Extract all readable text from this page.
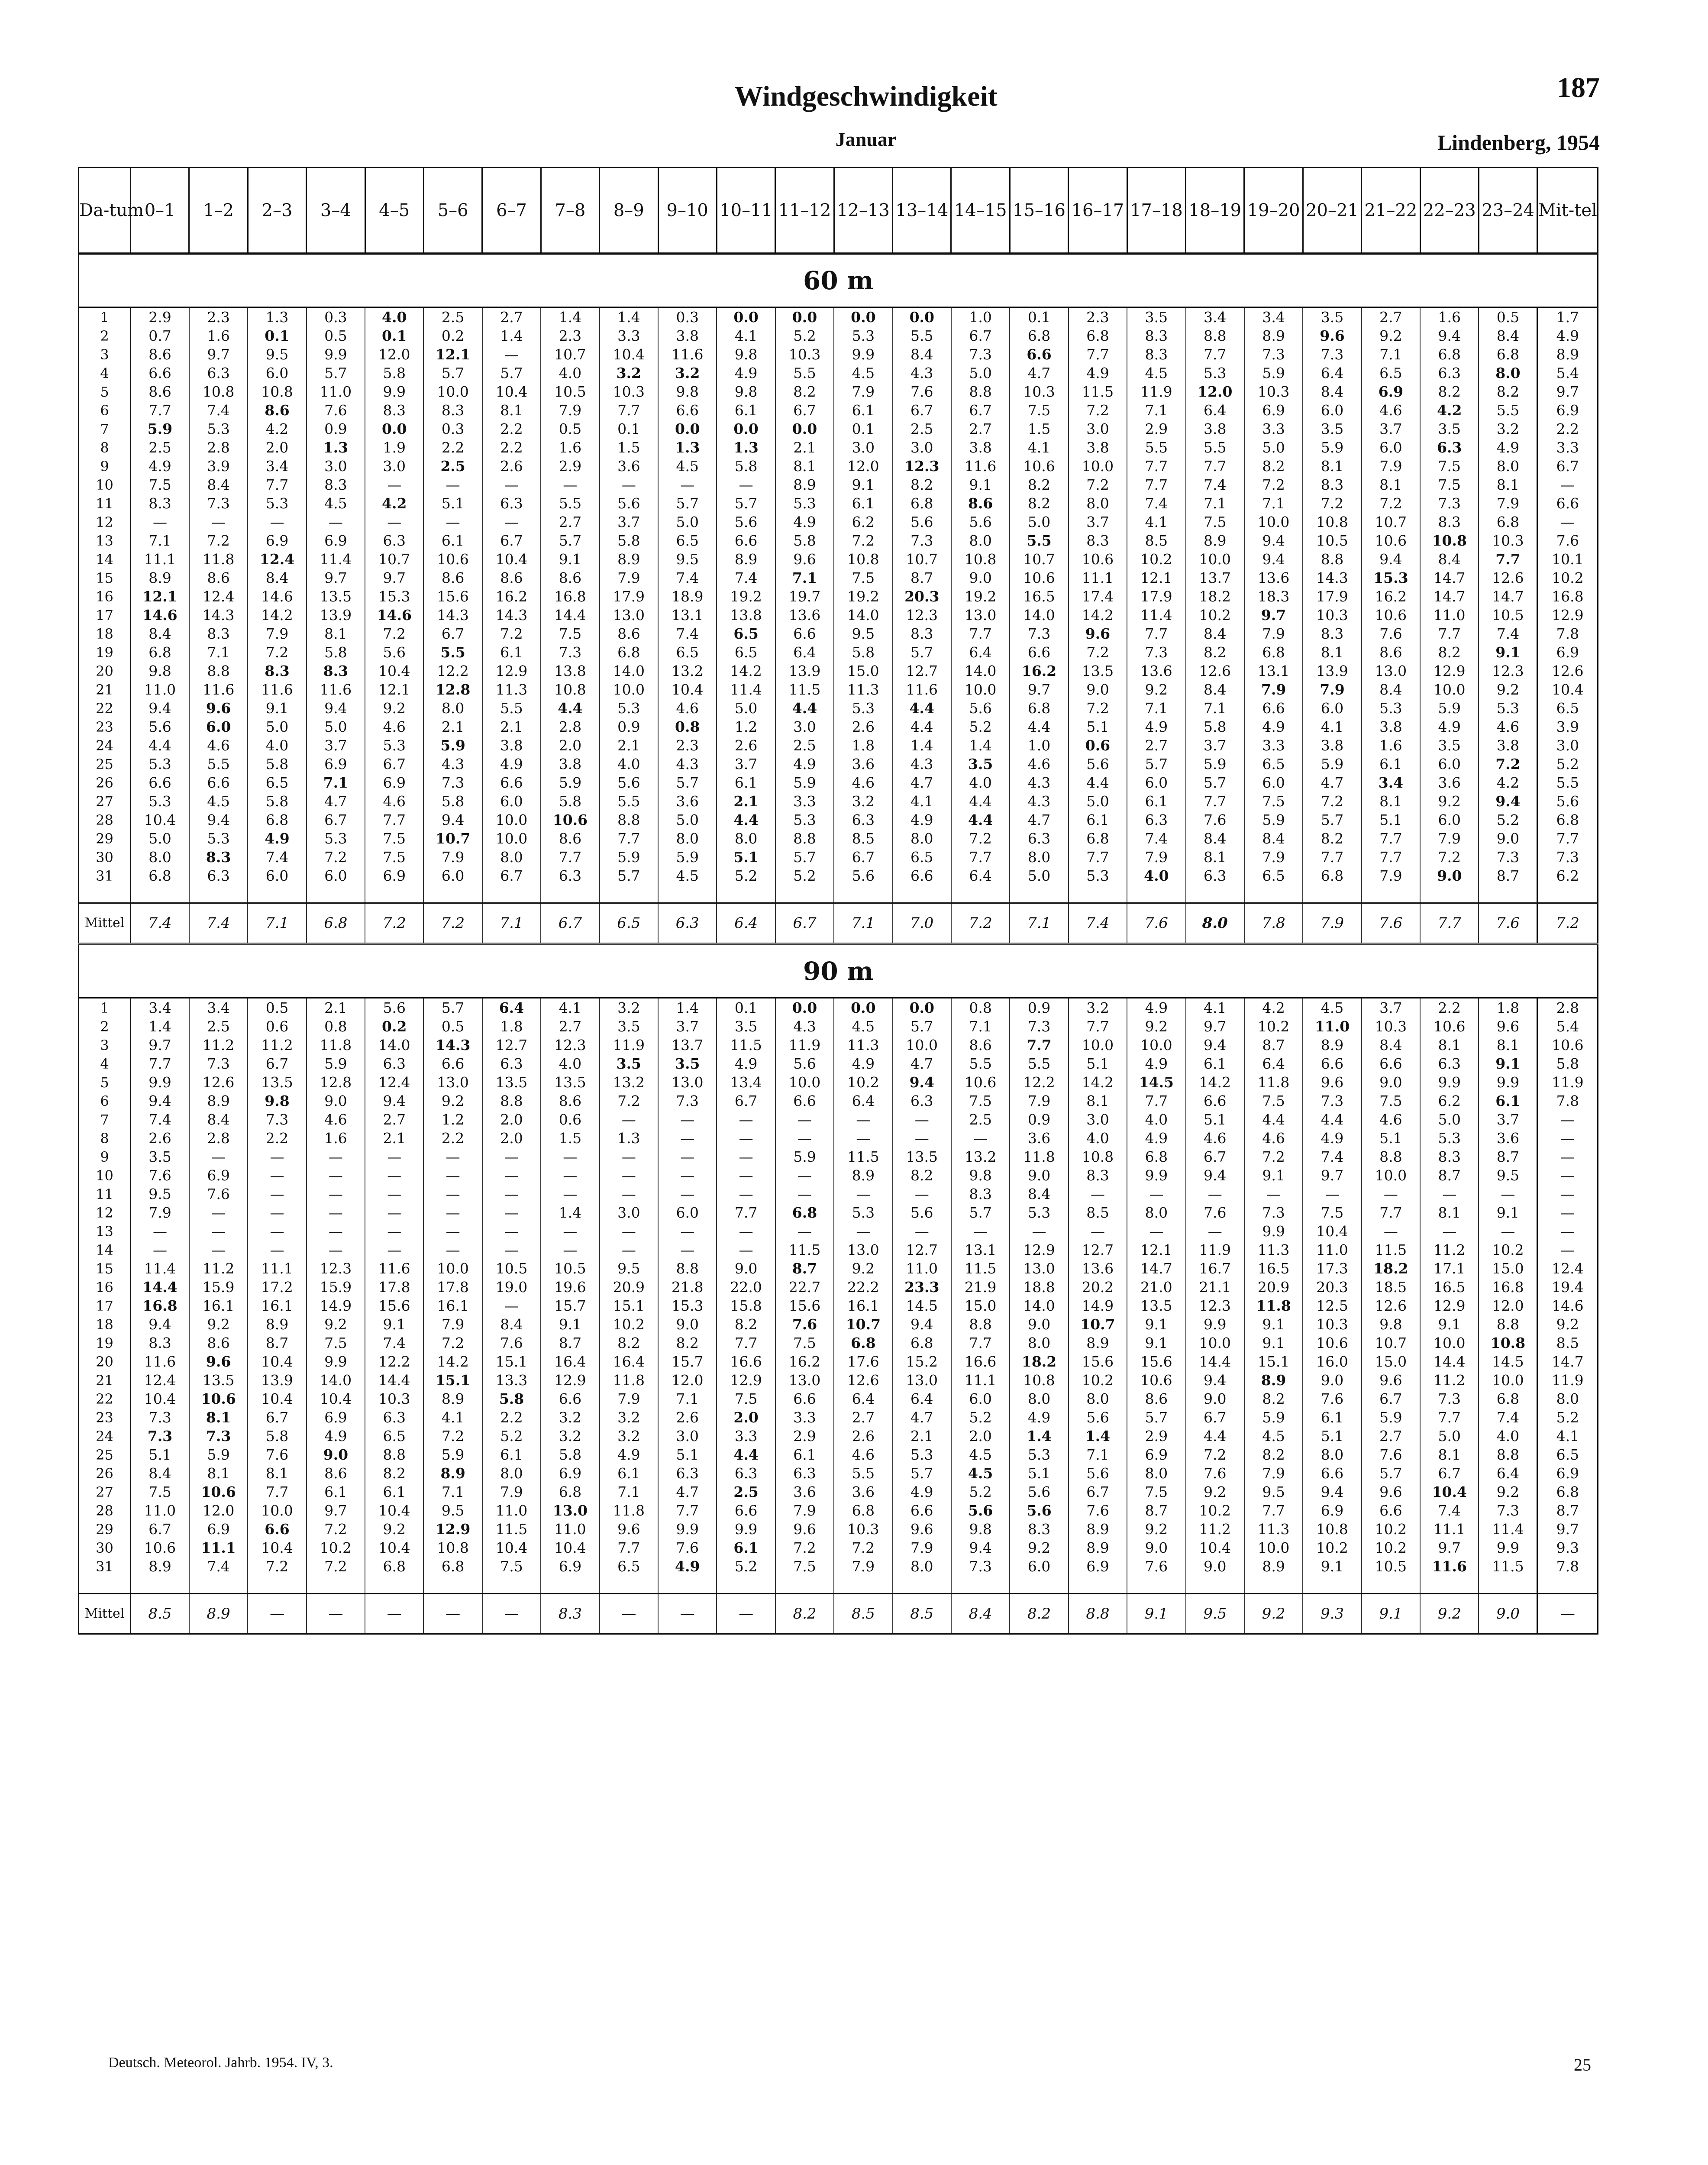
Windgeschwindigkeit
Januar
187
Lindenberg, 1954
Da-tum	0–1	1–2	2–3	3–4	4–5	5–6	6–7	7–8	8–9	9–10	10–11	11–12	12–13	13–14	14–15	15–16	16–17	17–18	18–19	19–20	20–21	21–22	22–23	23–24	Mit-tel
60 m																									
1	2.9	2.3	1.3	0.3	4.0	2.5	2.7	1.4	1.4	0.3	0.0	0.0	0.0	0.0	1.0	0.1	2.3	3.5	3.4	3.4	3.5	2.7	1.6	0.5	1.7
2	0.7	1.6	0.1	0.5	0.1	0.2	1.4	2.3	3.3	3.8	4.1	5.2	5.3	5.5	6.7	6.8	6.8	8.3	8.8	8.9	9.6	9.2	9.4	8.4	4.9
3	8.6	9.7	9.5	9.9	12.0	12.1	—	10.7	10.4	11.6	9.8	10.3	9.9	8.4	7.3	6.6	7.7	8.3	7.7	7.3	7.3	7.1	6.8	6.8	8.9
4	6.6	6.3	6.0	5.7	5.8	5.7	5.7	4.0	3.2	3.2	4.9	5.5	4.5	4.3	5.0	4.7	4.9	4.5	5.3	5.9	6.4	6.5	6.3	8.0	5.4
5	8.6	10.8	10.8	11.0	9.9	10.0	10.4	10.5	10.3	9.8	9.8	8.2	7.9	7.6	8.8	10.3	11.5	11.9	12.0	10.3	8.4	6.9	8.2	8.2	9.7
6	7.7	7.4	8.6	7.6	8.3	8.3	8.1	7.9	7.7	6.6	6.1	6.7	6.1	6.7	6.7	7.5	7.2	7.1	6.4	6.9	6.0	4.6	4.2	5.5	6.9
7	5.9	5.3	4.2	0.9	0.0	0.3	2.2	0.5	0.1	0.0	0.0	0.0	0.1	2.5	2.7	1.5	3.0	2.9	3.8	3.3	3.5	3.7	3.5	3.2	2.2
8	2.5	2.8	2.0	1.3	1.9	2.2	2.2	1.6	1.5	1.3	1.3	2.1	3.0	3.0	3.8	4.1	3.8	5.5	5.5	5.0	5.9	6.0	6.3	4.9	3.3
9	4.9	3.9	3.4	3.0	3.0	2.5	2.6	2.9	3.6	4.5	5.8	8.1	12.0	12.3	11.6	10.6	10.0	7.7	7.7	8.2	8.1	7.9	7.5	8.0	6.7
10	7.5	8.4	7.7	8.3	—	—	—	—	—	—	—	8.9	9.1	8.2	9.1	8.2	7.2	7.7	7.4	7.2	8.3	8.1	7.5	8.1	—
11	8.3	7.3	5.3	4.5	4.2	5.1	6.3	5.5	5.6	5.7	5.7	5.3	6.1	6.8	8.6	8.2	8.0	7.4	7.1	7.1	7.2	7.2	7.3	7.9	6.6
12	—	—	—	—	—	—	—	2.7	3.7	5.0	5.6	4.9	6.2	5.6	5.6	5.0	3.7	4.1	7.5	10.0	10.8	10.7	8.3	6.8	—
13	7.1	7.2	6.9	6.9	6.3	6.1	6.7	5.7	5.8	6.5	6.6	5.8	7.2	7.3	8.0	5.5	8.3	8.5	8.9	9.4	10.5	10.6	10.8	10.3	7.6
14	11.1	11.8	12.4	11.4	10.7	10.6	10.4	9.1	8.9	9.5	8.9	9.6	10.8	10.7	10.8	10.7	10.6	10.2	10.0	9.4	8.8	9.4	8.4	7.7	10.1
15	8.9	8.6	8.4	9.7	9.7	8.6	8.6	8.6	7.9	7.4	7.4	7.1	7.5	8.7	9.0	10.6	11.1	12.1	13.7	13.6	14.3	15.3	14.7	12.6	10.2
16	12.1	12.4	14.6	13.5	15.3	15.6	16.2	16.8	17.9	18.9	19.2	19.7	19.2	20.3	19.2	16.5	17.4	17.9	18.2	18.3	17.9	16.2	14.7	14.7	16.8
17	14.6	14.3	14.2	13.9	14.6	14.3	14.3	14.4	13.0	13.1	13.8	13.6	14.0	12.3	13.0	14.0	14.2	11.4	10.2	9.7	10.3	10.6	11.0	10.5	12.9
18	8.4	8.3	7.9	8.1	7.2	6.7	7.2	7.5	8.6	7.4	6.5	6.6	9.5	8.3	7.7	7.3	9.6	7.7	8.4	7.9	8.3	7.6	7.7	7.4	7.8
19	6.8	7.1	7.2	5.8	5.6	5.5	6.1	7.3	6.8	6.5	6.5	6.4	5.8	5.7	6.4	6.6	7.2	7.3	8.2	6.8	8.1	8.6	8.2	9.1	6.9
20	9.8	8.8	8.3	8.3	10.4	12.2	12.9	13.8	14.0	13.2	14.2	13.9	15.0	12.7	14.0	16.2	13.5	13.6	12.6	13.1	13.9	13.0	12.9	12.3	12.6
21	11.0	11.6	11.6	11.6	12.1	12.8	11.3	10.8	10.0	10.4	11.4	11.5	11.3	11.6	10.0	9.7	9.0	9.2	8.4	7.9	7.9	8.4	10.0	9.2	10.4
22	9.4	9.6	9.1	9.4	9.2	8.0	5.5	4.4	5.3	4.6	5.0	4.4	5.3	4.4	5.6	6.8	7.2	7.1	7.1	6.6	6.0	5.3	5.9	5.3	6.5
23	5.6	6.0	5.0	5.0	4.6	2.1	2.1	2.8	0.9	0.8	1.2	3.0	2.6	4.4	5.2	4.4	5.1	4.9	5.8	4.9	4.1	3.8	4.9	4.6	3.9
24	4.4	4.6	4.0	3.7	5.3	5.9	3.8	2.0	2.1	2.3	2.6	2.5	1.8	1.4	1.4	1.0	0.6	2.7	3.7	3.3	3.8	1.6	3.5	3.8	3.0
25	5.3	5.5	5.8	6.9	6.7	4.3	4.9	3.8	4.0	4.3	3.7	4.9	3.6	4.3	3.5	4.6	5.6	5.7	5.9	6.5	5.9	6.1	6.0	7.2	5.2
26	6.6	6.6	6.5	7.1	6.9	7.3	6.6	5.9	5.6	5.7	6.1	5.9	4.6	4.7	4.0	4.3	4.4	6.0	5.7	6.0	4.7	3.4	3.6	4.2	5.5
27	5.3	4.5	5.8	4.7	4.6	5.8	6.0	5.8	5.5	3.6	2.1	3.3	3.2	4.1	4.4	4.3	5.0	6.1	7.7	7.5	7.2	8.1	9.2	9.4	5.6
28	10.4	9.4	6.8	6.7	7.7	9.4	10.0	10.6	8.8	5.0	4.4	5.3	6.3	4.9	4.4	4.7	6.1	6.3	7.6	5.9	5.7	5.1	6.0	5.2	6.8
29	5.0	5.3	4.9	5.3	7.5	10.7	10.0	8.6	7.7	8.0	8.0	8.8	8.5	8.0	7.2	6.3	6.8	7.4	8.4	8.4	8.2	7.7	7.9	9.0	7.7
30	8.0	8.3	7.4	7.2	7.5	7.9	8.0	7.7	5.9	5.9	5.1	5.7	6.7	6.5	7.7	8.0	7.7	7.9	8.1	7.9	7.7	7.7	7.2	7.3	7.3
31	6.8	6.3	6.0	6.0	6.9	6.0	6.7	6.3	5.7	4.5	5.2	5.2	5.6	6.6	6.4	5.0	5.3	4.0	6.3	6.5	6.8	7.9	9.0	8.7	6.2

Mittel	7.4	7.4	7.1	6.8	7.2	7.2	7.1	6.7	6.5	6.3	6.4	6.7	7.1	7.0	7.2	7.1	7.4	7.6	8.0	7.8	7.9	7.6	7.7	7.6	7.2
90 m																									
1	3.4	3.4	0.5	2.1	5.6	5.7	6.4	4.1	3.2	1.4	0.1	0.0	0.0	0.0	0.8	0.9	3.2	4.9	4.1	4.2	4.5	3.7	2.2	1.8	2.8
2	1.4	2.5	0.6	0.8	0.2	0.5	1.8	2.7	3.5	3.7	3.5	4.3	4.5	5.7	7.1	7.3	7.7	9.2	9.7	10.2	11.0	10.3	10.6	9.6	5.4
3	9.7	11.2	11.2	11.8	14.0	14.3	12.7	12.3	11.9	13.7	11.5	11.9	11.3	10.0	8.6	7.7	10.0	10.0	9.4	8.7	8.9	8.4	8.1	8.1	10.6
4	7.7	7.3	6.7	5.9	6.3	6.6	6.3	4.0	3.5	3.5	4.9	5.6	4.9	4.7	5.5	5.5	5.1	4.9	6.1	6.4	6.6	6.6	6.3	9.1	5.8
5	9.9	12.6	13.5	12.8	12.4	13.0	13.5	13.5	13.2	13.0	13.4	10.0	10.2	9.4	10.6	12.2	14.2	14.5	14.2	11.8	9.6	9.0	9.9	9.9	11.9
6	9.4	8.9	9.8	9.0	9.4	9.2	8.8	8.6	7.2	7.3	6.7	6.6	6.4	6.3	7.5	7.9	8.1	7.7	6.6	7.5	7.3	7.5	6.2	6.1	7.8
7	7.4	8.4	7.3	4.6	2.7	1.2	2.0	0.6	—	—	—	—	—	—	2.5	0.9	3.0	4.0	5.1	4.4	4.4	4.6	5.0	3.7	—
8	2.6	2.8	2.2	1.6	2.1	2.2	2.0	1.5	1.3	—	—	—	—	—	—	3.6	4.0	4.9	4.6	4.6	4.9	5.1	5.3	3.6	—
9	3.5	—	—	—	—	—	—	—	—	—	—	5.9	11.5	13.5	13.2	11.8	10.8	6.8	6.7	7.2	7.4	8.8	8.3	8.7	—
10	7.6	6.9	—	—	—	—	—	—	—	—	—	—	8.9	8.2	9.8	9.0	8.3	9.9	9.4	9.1	9.7	10.0	8.7	9.5	—
11	9.5	7.6	—	—	—	—	—	—	—	—	—	—	—	—	8.3	8.4	—	—	—	—	—	—	—	—	—
12	7.9	—	—	—	—	—	—	1.4	3.0	6.0	7.7	6.8	5.3	5.6	5.7	5.3	8.5	8.0	7.6	7.3	7.5	7.7	8.1	9.1	—
13	—	—	—	—	—	—	—	—	—	—	—	—	—	—	—	—	—	—	—	9.9	10.4	—	—	—	—
14	—	—	—	—	—	—	—	—	—	—	—	11.5	13.0	12.7	13.1	12.9	12.7	12.1	11.9	11.3	11.0	11.5	11.2	10.2	—
15	11.4	11.2	11.1	12.3	11.6	10.0	10.5	10.5	9.5	8.8	9.0	8.7	9.2	11.0	11.5	13.0	13.6	14.7	16.7	16.5	17.3	18.2	17.1	15.0	12.4
16	14.4	15.9	17.2	15.9	17.8	17.8	19.0	19.6	20.9	21.8	22.0	22.7	22.2	23.3	21.9	18.8	20.2	21.0	21.1	20.9	20.3	18.5	16.5	16.8	19.4
17	16.8	16.1	16.1	14.9	15.6	16.1	—	15.7	15.1	15.3	15.8	15.6	16.1	14.5	15.0	14.0	14.9	13.5	12.3	11.8	12.5	12.6	12.9	12.0	14.6
18	9.4	9.2	8.9	9.2	9.1	7.9	8.4	9.1	10.2	9.0	8.2	7.6	10.7	9.4	8.8	9.0	10.7	9.1	9.9	9.1	10.3	9.8	9.1	8.8	9.2
19	8.3	8.6	8.7	7.5	7.4	7.2	7.6	8.7	8.2	8.2	7.7	7.5	6.8	6.8	7.7	8.0	8.9	9.1	10.0	9.1	10.6	10.7	10.0	10.8	8.5
20	11.6	9.6	10.4	9.9	12.2	14.2	15.1	16.4	16.4	15.7	16.6	16.2	17.6	15.2	16.6	18.2	15.6	15.6	14.4	15.1	16.0	15.0	14.4	14.5	14.7
21	12.4	13.5	13.9	14.0	14.4	15.1	13.3	12.9	11.8	12.0	12.9	13.0	12.6	13.0	11.1	10.8	10.2	10.6	9.4	8.9	9.0	9.6	11.2	10.0	11.9
22	10.4	10.6	10.4	10.4	10.3	8.9	5.8	6.6	7.9	7.1	7.5	6.6	6.4	6.4	6.0	8.0	8.0	8.6	9.0	8.2	7.6	6.7	7.3	6.8	8.0
23	7.3	8.1	6.7	6.9	6.3	4.1	2.2	3.2	3.2	2.6	2.0	3.3	2.7	4.7	5.2	4.9	5.6	5.7	6.7	5.9	6.1	5.9	7.7	7.4	5.2
24	7.3	7.3	5.8	4.9	6.5	7.2	5.2	3.2	3.2	3.0	3.3	2.9	2.6	2.1	2.0	1.4	1.4	2.9	4.4	4.5	5.1	2.7	5.0	4.0	4.1
25	5.1	5.9	7.6	9.0	8.8	5.9	6.1	5.8	4.9	5.1	4.4	6.1	4.6	5.3	4.5	5.3	7.1	6.9	7.2	8.2	8.0	7.6	8.1	8.8	6.5
26	8.4	8.1	8.1	8.6	8.2	8.9	8.0	6.9	6.1	6.3	6.3	6.3	5.5	5.7	4.5	5.1	5.6	8.0	7.6	7.9	6.6	5.7	6.7	6.4	6.9
27	7.5	10.6	7.7	6.1	6.1	7.1	7.9	6.8	7.1	4.7	2.5	3.6	3.6	4.9	5.2	5.6	6.7	7.5	9.2	9.5	9.4	9.6	10.4	9.2	6.8
28	11.0	12.0	10.0	9.7	10.4	9.5	11.0	13.0	11.8	7.7	6.6	7.9	6.8	6.6	5.6	5.6	7.6	8.7	10.2	7.7	6.9	6.6	7.4	7.3	8.7
29	6.7	6.9	6.6	7.2	9.2	12.9	11.5	11.0	9.6	9.9	9.9	9.6	10.3	9.6	9.8	8.3	8.9	9.2	11.2	11.3	10.8	10.2	11.1	11.4	9.7
30	10.6	11.1	10.4	10.2	10.4	10.8	10.4	10.4	7.7	7.6	6.1	7.2	7.2	7.9	9.4	9.2	8.9	9.0	10.4	10.0	10.2	10.2	9.7	9.9	9.3
31	8.9	7.4	7.2	7.2	6.8	6.8	7.5	6.9	6.5	4.9	5.2	7.5	7.9	8.0	7.3	6.0	6.9	7.6	9.0	8.9	9.1	10.5	11.6	11.5	7.8

Mittel	8.5	8.9	—	—	—	—	—	8.3	—	—	—	8.2	8.5	8.5	8.4	8.2	8.8	9.1	9.5	9.2	9.3	9.1	9.2	9.0	—
Deutsch. Meteorol. Jahrb. 1954. IV, 3.	25
